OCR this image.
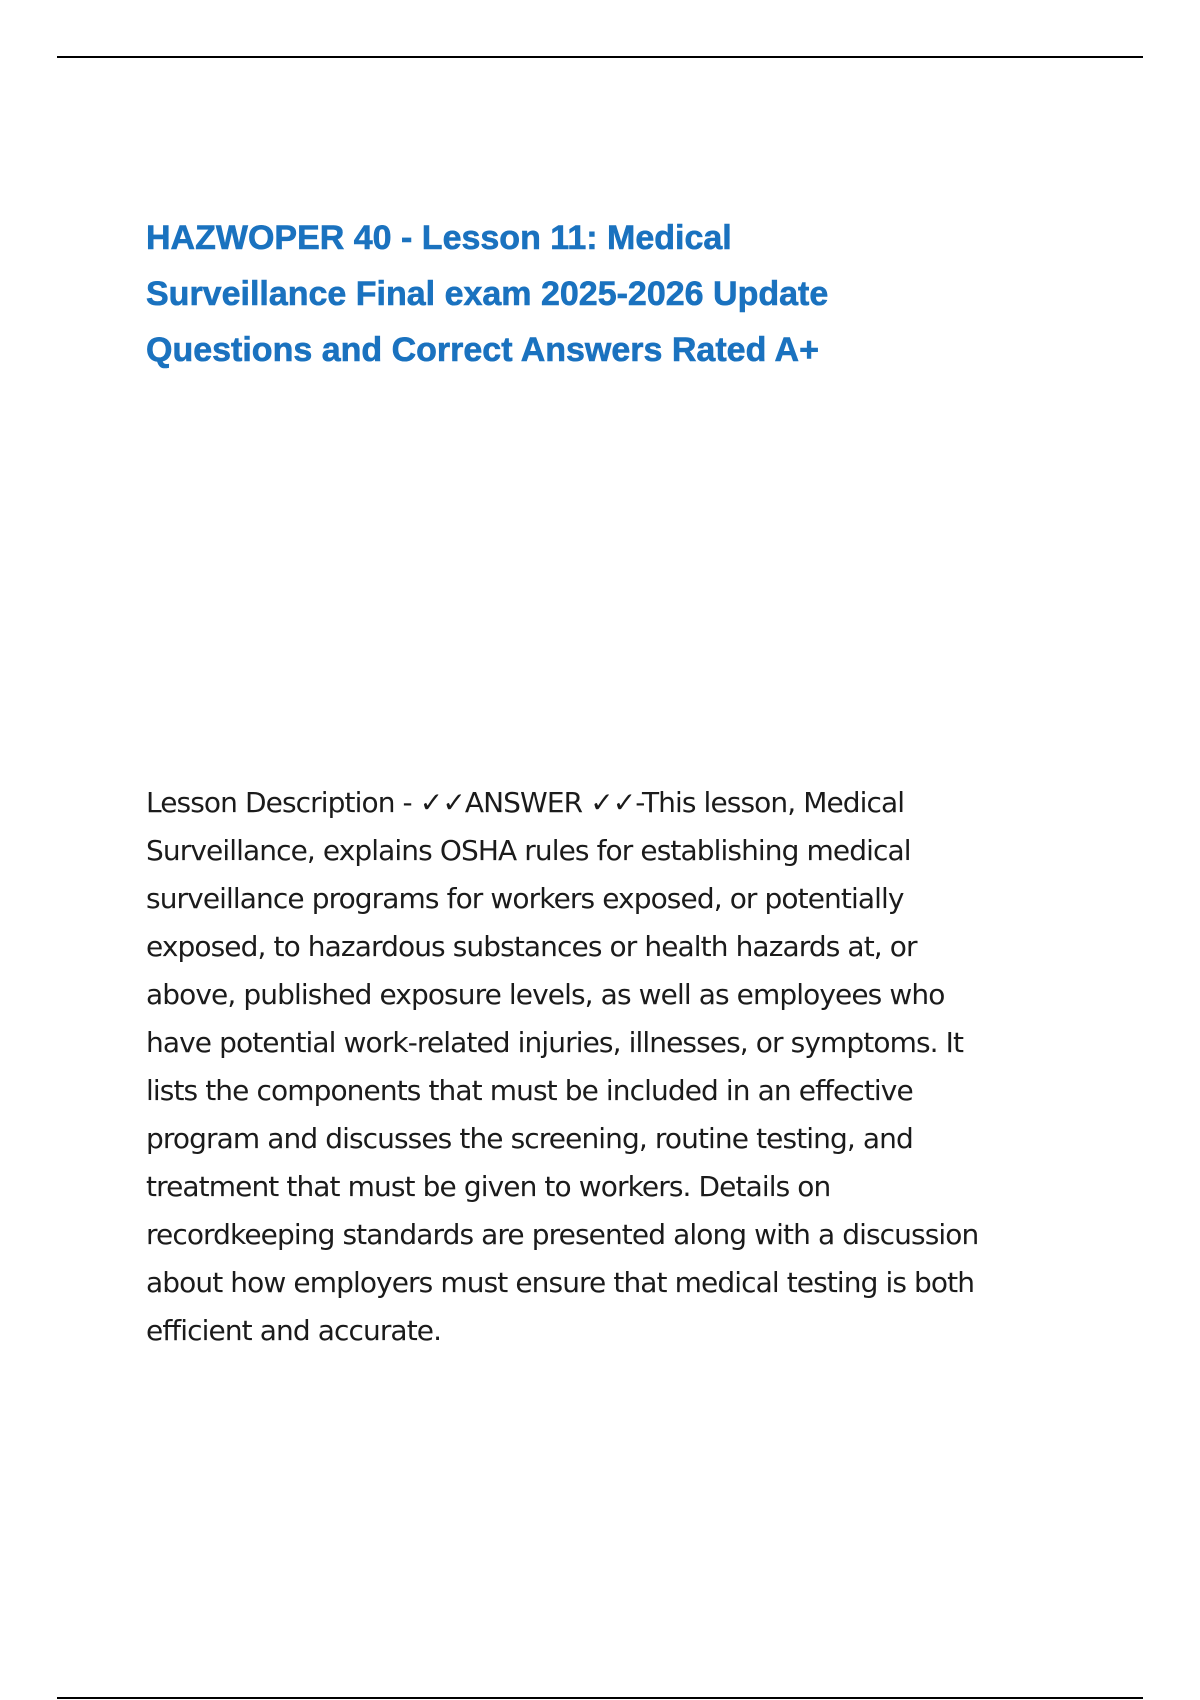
HAZWOPER 40 - Lesson 11: Medical
Surveillance Final exam 2025-2026 Update
Questions and Correct Answers Rated A+

Lesson Description - ✓✓ANSWER ✓✓-This lesson, Medical
Surveillance, explains OSHA rules for establishing medical
surveillance programs for workers exposed, or potentially
exposed, to hazardous substances or health hazards at, or
above, published exposure levels, as well as employees who
have potential work-related injuries, illnesses, or symptoms. It
lists the components that must be included in an effective
program and discusses the screening, routine testing, and
treatment that must be given to workers. Details on
recordkeeping standards are presented along with a discussion
about how employers must ensure that medical testing is both
efficient and accurate.
